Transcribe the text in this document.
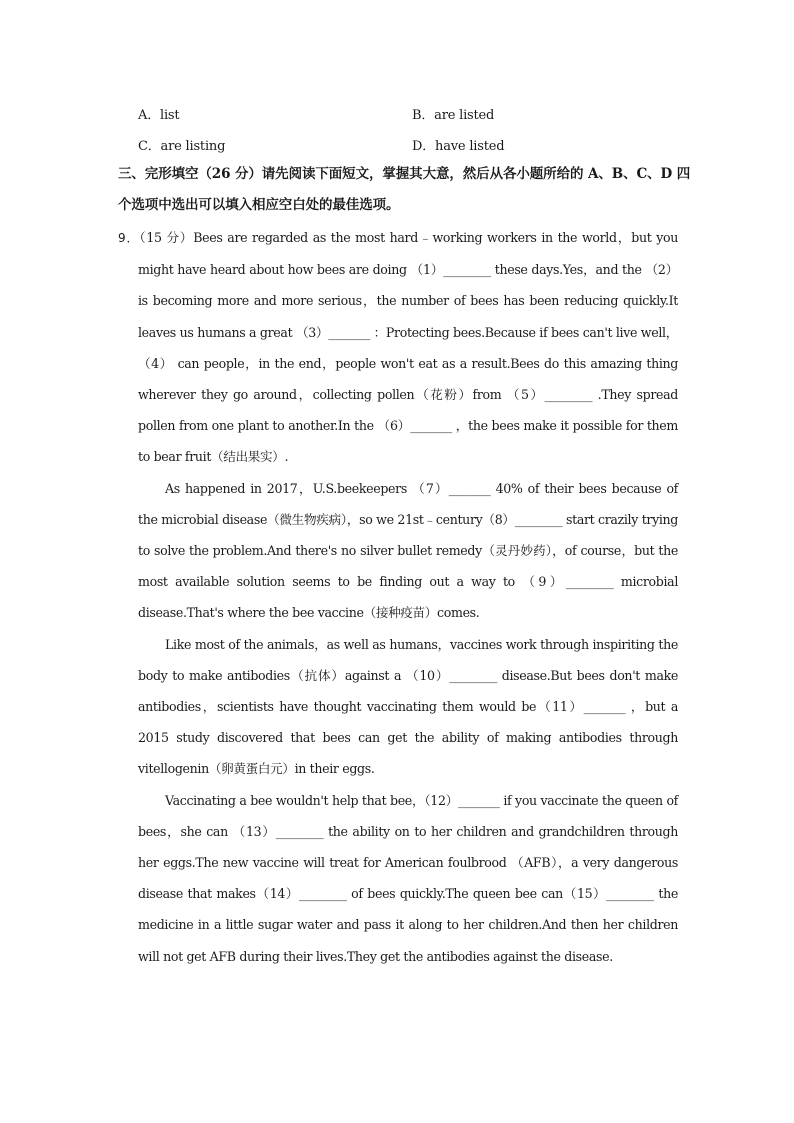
A．list	B．are listed
C．are listing	D．have listed
三、完形填空（26 分）请先阅读下面短文，掌握其大意，然后从各小题所给的 A、B、C、D 四个选项中选出可以填入相应空白处的最佳选项。

9．（15 分）Bees are regarded as the most hard﹣working workers in the world，but you might have heard about how bees are doing （1）________ these days.Yes，and the （2） is becoming more and more serious，the number of bees has been reducing quickly.It leaves us humans a great （3）_______ ：Protecting bees.Because if bees can't live well，（4） can people，in the end，people won't eat as a result.Bees do this amazing thing wherever they go around，collecting pollen（花粉）from （5）________ .They spread pollen from one plant to another.In the （6）_______ ，the bees make it possible for them to bear fruit（结出果实）.

As happened in 2017，U.S.beekeepers （7）_______ 40% of their bees because of the microbial disease（微生物疾病），so we 21st﹣century（8）________ start crazily trying to solve the problem.And there's no silver bullet remedy（灵丹妙药），of course，but the most available solution seems to be finding out a way to （9）________ microbial disease.That's where the bee vaccine（接种疫苗）comes.

Like most of the animals，as well as humans，vaccines work through inspiriting the body to make antibodies（抗体）against a （10）________ disease.But bees don't make antibodies，scientists have thought vaccinating them would be（11）_______ ，but a 2015 study discovered that bees can get the ability of making antibodies through vitellogenin（卵黄蛋白元）in their eggs.

Vaccinating a bee wouldn't help that bee，（12）_______ if you vaccinate the queen of bees，she can （13）________ the ability on to her children and grandchildren through her eggs.The new vaccine will treat for American foulbrood （AFB），a very dangerous disease that makes（14）________ of bees quickly.The queen bee can（15）________ the medicine in a little sugar water and pass it along to her children.And then her children will not get AFB during their lives.They get the antibodies against the disease.
